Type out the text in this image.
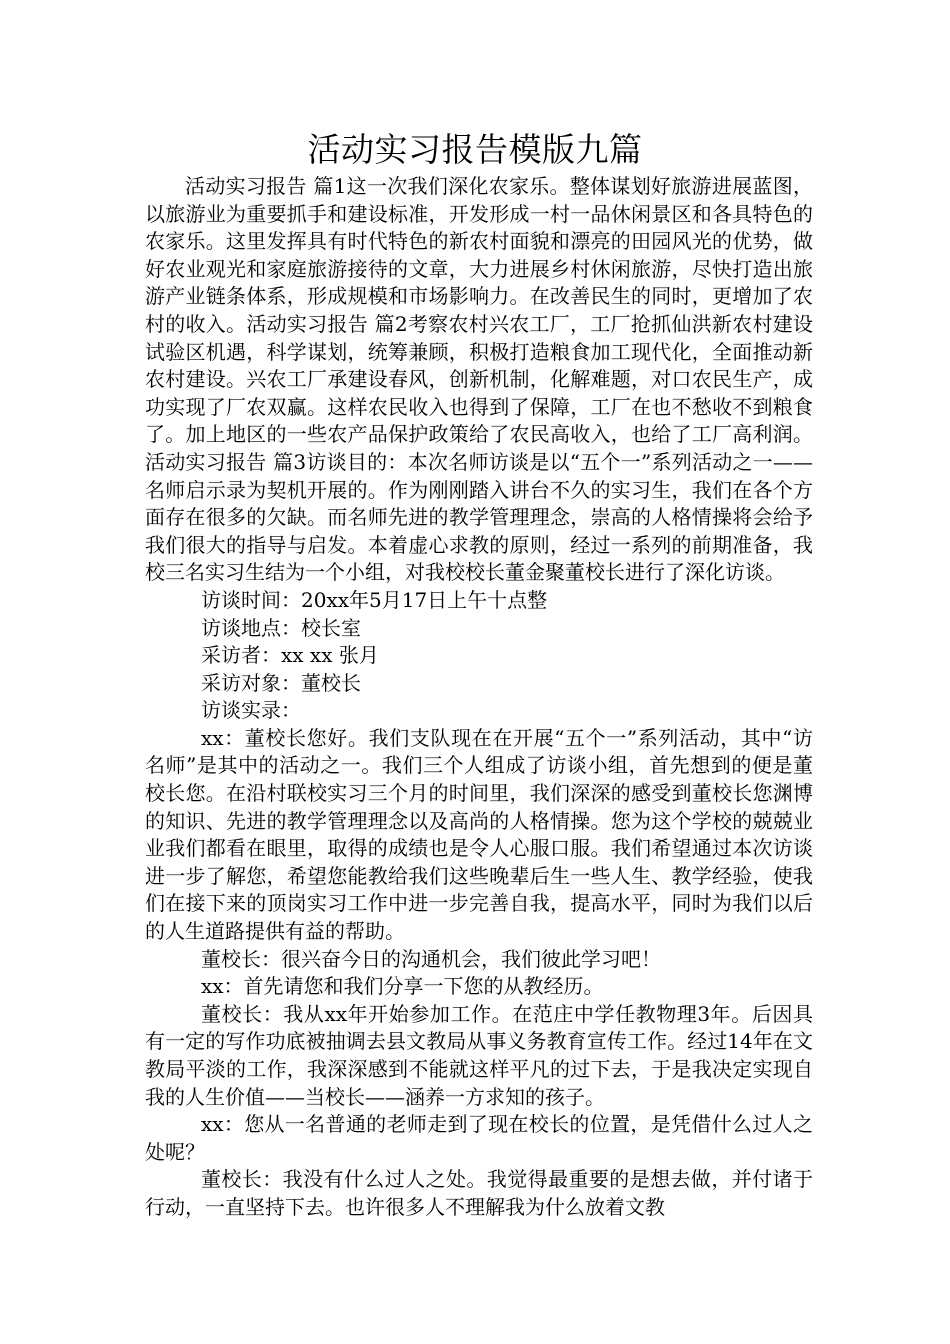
活动实习报告模版九篇

活动实习报告 篇1这一次我们深化农家乐。整体谋划好旅游进展蓝图，以旅游业为重要抓手和建设标准，开发形成一村一品休闲景区和各具特色的农家乐。这里发挥具有时代特色的新农村面貌和漂亮的田园风光的优势，做好农业观光和家庭旅游接待的文章，大力进展乡村休闲旅游，尽快打造出旅游产业链条体系，形成规模和市场影响力。在改善民生的同时，更增加了农村的收入。活动实习报告 篇2考察农村兴农工厂，工厂抢抓仙洪新农村建设试验区机遇，科学谋划，统筹兼顾，积极打造粮食加工现代化，全面推动新农村建设。兴农工厂承建设春风，创新机制，化解难题，对口农民生产，成功实现了厂农双赢。这样农民收入也得到了保障，工厂在也不愁收不到粮食了。加上地区的一些农产品保护政策给了农民高收入，也给了工厂高利润。活动实习报告 篇3访谈目的：本次名师访谈是以“五个一”系列活动之一——名师启示录为契机开展的。作为刚刚踏入讲台不久的实习生，我们在各个方面存在很多的欠缺。而名师先进的教学管理理念，崇高的人格情操将会给予我们很大的指导与启发。本着虚心求教的原则，经过一系列的前期准备，我校三名实习生结为一个小组，对我校校长董金聚董校长进行了深化访谈。

访谈时间：20xx年5月17日上午十点整

访谈地点：校长室

采访者：xx xx 张月

采访对象：董校长

访谈实录：

xx：董校长您好。我们支队现在在开展“五个一”系列活动，其中“访名师”是其中的活动之一。我们三个人组成了访谈小组，首先想到的便是董校长您。在沿村联校实习三个月的时间里，我们深深的感受到董校长您渊博的知识、先进的教学管理理念以及高尚的人格情操。您为这个学校的兢兢业业我们都看在眼里，取得的成绩也是令人心服口服。我们希望通过本次访谈进一步了解您，希望您能教给我们这些晚辈后生一些人生、教学经验，使我们在接下来的顶岗实习工作中进一步完善自我，提高水平，同时为我们以后的人生道路提供有益的帮助。

董校长：很兴奋今日的沟通机会，我们彼此学习吧！

xx：首先请您和我们分享一下您的从教经历。

董校长：我从xx年开始参加工作。在范庄中学任教物理3年。后因具有一定的写作功底被抽调去县文教局从事义务教育宣传工作。经过14年在文教局平淡的工作，我深深感到不能就这样平凡的过下去，于是我决定实现自我的人生价值——当校长——涵养一方求知的孩子。

xx：您从一名普通的老师走到了现在校长的位置，是凭借什么过人之处呢？

董校长：我没有什么过人之处。我觉得最重要的是想去做，并付诸于行动，一直坚持下去。也许很多人不理解我为什么放着文教
